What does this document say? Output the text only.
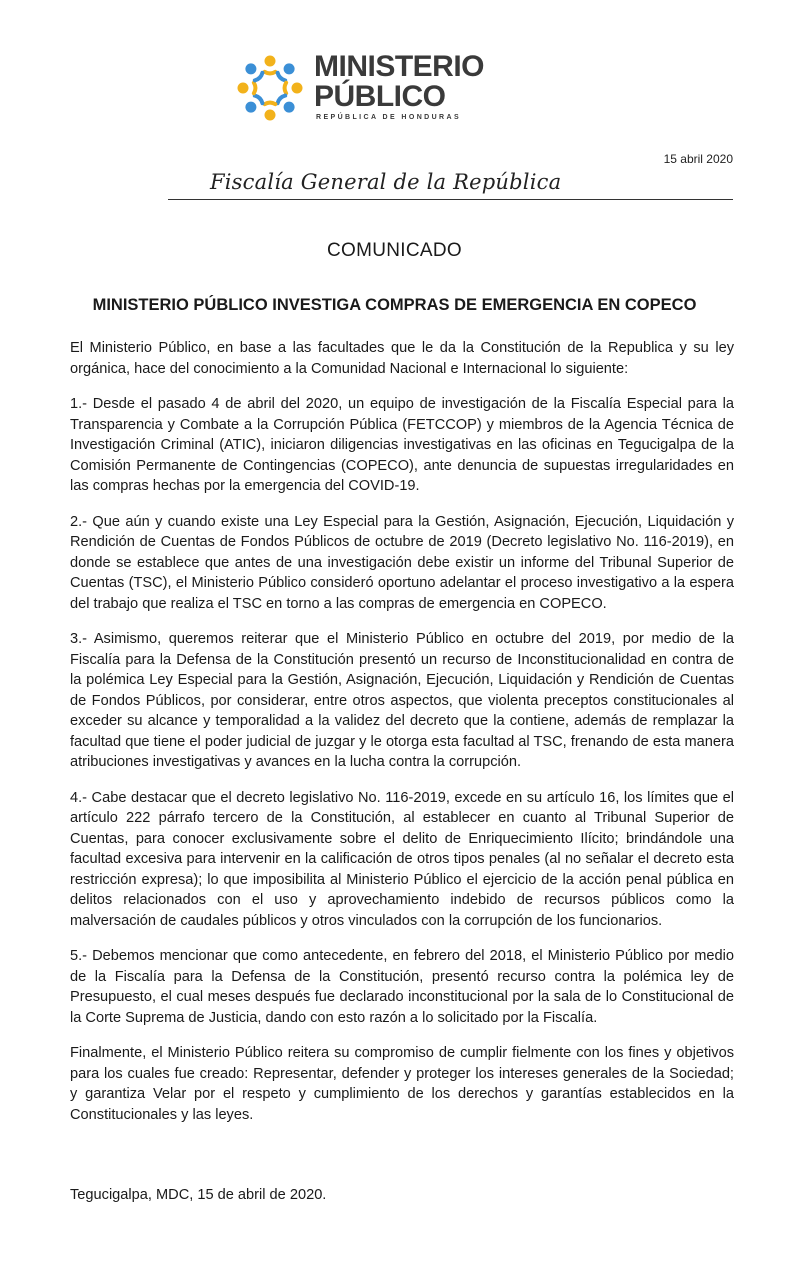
MINISTERIO
PÚBLICO
REPÚBLICA DE HONDURAS
15 abril 2020
Fiscalía General de la República
COMUNICADO
MINISTERIO PÚBLICO INVESTIGA COMPRAS DE EMERGENCIA EN COPECO

El Ministerio Público, en base a las facultades que le da la Constitución de la Republica y su ley orgánica, hace del conocimiento a la Comunidad Nacional e Internacional lo siguiente:

1.- Desde el pasado 4 de abril del 2020, un equipo de investigación de la Fiscalía Especial para la Transparencia y Combate a la Corrupción Pública (FETCCOP) y miembros de la Agencia Técnica de Investigación Criminal (ATIC), iniciaron diligencias investigativas en las oficinas en Tegucigalpa de la Comisión Permanente de Contingencias (COPECO), ante denuncia de supuestas irregularidades en las compras hechas por la emergencia del COVID-19.

2.- Que aún y cuando existe una Ley Especial para la Gestión, Asignación, Ejecución, Liquidación y Rendición de Cuentas de Fondos Públicos de octubre de 2019 (Decreto legislativo No. 116-2019), en donde se establece que antes de una investigación debe existir un informe del Tribunal Superior de Cuentas (TSC), el Ministerio Público consideró oportuno adelantar el proceso investigativo a la espera del trabajo que realiza el TSC en torno a las compras de emergencia en COPECO.

3.- Asimismo, queremos reiterar que el Ministerio Público en octubre del 2019, por medio de la Fiscalía para la Defensa de la Constitución presentó un recurso de Inconstitucionalidad en contra de la polémica Ley Especial para la Gestión, Asignación, Ejecución, Liquidación y Rendición de Cuentas de Fondos Públicos, por considerar, entre otros aspectos, que violenta preceptos constitucionales al exceder su alcance y temporalidad a la validez del decreto que la contiene, además de remplazar la facultad que tiene el poder judicial de juzgar y le otorga esta facultad al TSC, frenando de esta manera atribuciones investigativas y avances en la lucha contra la corrupción.

4.- Cabe destacar que el decreto legislativo No. 116-2019, excede en su artículo 16, los límites que el artículo 222 párrafo tercero de la Constitución, al establecer en cuanto al Tribunal Superior de Cuentas, para conocer exclusivamente sobre el delito de Enriquecimiento Ilícito; brindándole una facultad excesiva para intervenir en la calificación de otros tipos penales (al no señalar el decreto esta restricción expresa); lo que imposibilita al Ministerio Público el ejercicio de la acción penal pública en delitos relacionados con el uso y aprovechamiento indebido de recursos públicos como la malversación de caudales públicos y otros vinculados con la corrupción de los funcionarios.

5.- Debemos mencionar que como antecedente, en febrero del 2018, el Ministerio Público por medio de la Fiscalía para la Defensa de la Constitución, presentó recurso contra la polémica ley de Presupuesto, el cual meses después fue declarado inconstitucional por la sala de lo Constitucional de la Corte Suprema de Justicia, dando con esto razón a lo solicitado por la Fiscalía.

Finalmente, el Ministerio Público reitera su compromiso de cumplir fielmente con los fines y objetivos para los cuales fue creado: Representar, defender y proteger los intereses generales de la Sociedad; y garantiza Velar por el respeto y cumplimiento de los derechos y garantías establecidos en la Constitucionales y las leyes.

Tegucigalpa, MDC, 15 de abril de 2020.
